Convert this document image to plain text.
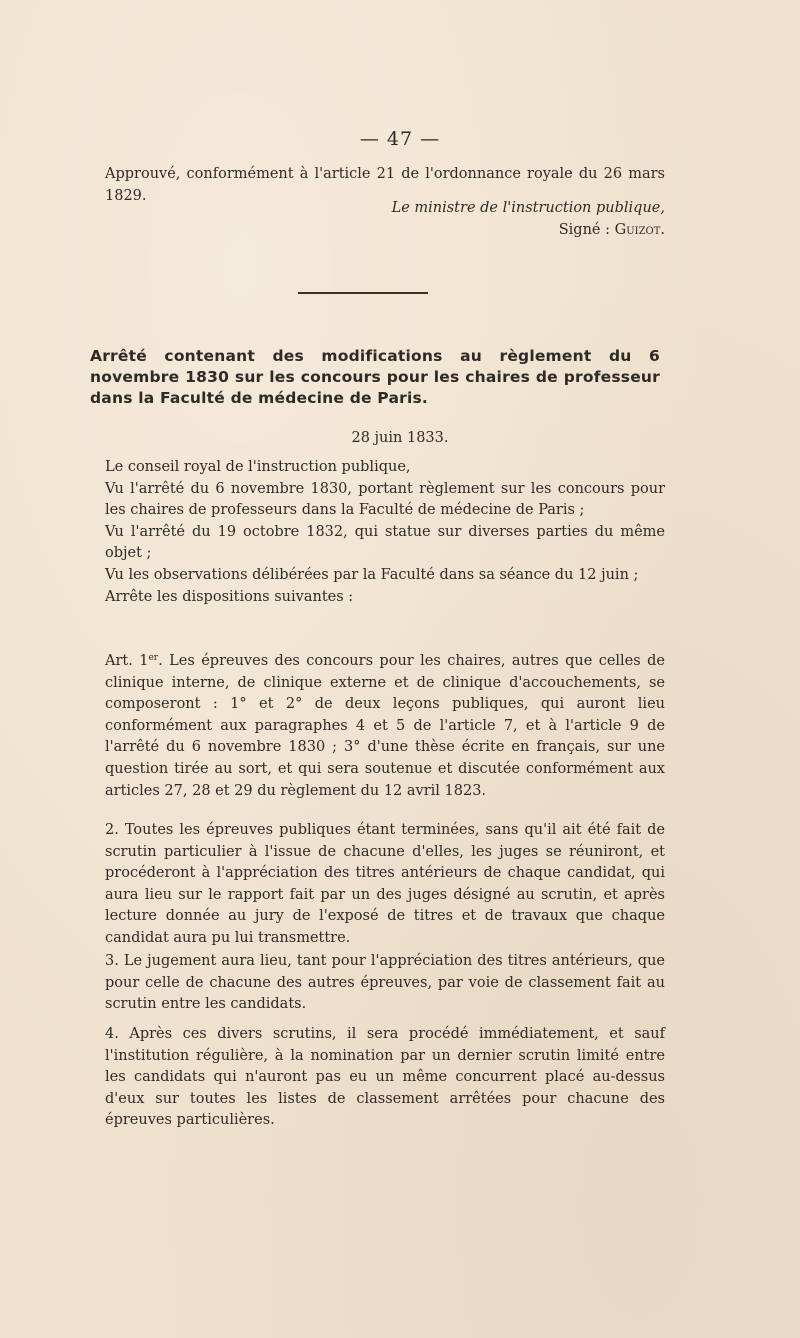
— 47 —

Approuvé, conformément à l'article 21 de l'ordonnance royale du 26 mars 1829.

Le ministre de l'instruction publique,
Signé : Guizot.
Arrêté contenant des modifications au règlement du 6 novembre 1830 sur les concours pour les chaires de professeur dans la Faculté de médecine de Paris.
28 juin 1833.

Le conseil royal de l'instruction publique,

Vu l'arrêté du 6 novembre 1830, portant règlement sur les concours pour les chaires de professeurs dans la Faculté de médecine de Paris ;

Vu l'arrêté du 19 octobre 1832, qui statue sur diverses parties du même objet ;

Vu les observations délibérées par la Faculté dans sa séance du 12 juin ;

Arrête les dispositions suivantes :

Art. 1er. Les épreuves des concours pour les chaires, autres que celles de clinique interne, de clinique externe et de clinique d'accouchements, se composeront : 1° et 2° de deux leçons publiques, qui auront lieu conformément aux paragraphes 4 et 5 de l'article 7, et à l'article 9 de l'arrêté du 6 novembre 1830 ; 3° d'une thèse écrite en français, sur une question tirée au sort, et qui sera soutenue et discutée conformément aux articles 27, 28 et 29 du règlement du 12 avril 1823.

2. Toutes les épreuves publiques étant terminées, sans qu'il ait été fait de scrutin particulier à l'issue de chacune d'elles, les juges se réuniront, et procéderont à l'appréciation des titres antérieurs de chaque candidat, qui aura lieu sur le rapport fait par un des juges désigné au scrutin, et après lecture donnée au jury de l'exposé de titres et de travaux que chaque candidat aura pu lui transmettre.

3. Le jugement aura lieu, tant pour l'appréciation des titres antérieurs, que pour celle de chacune des autres épreuves, par voie de classement fait au scrutin entre les candidats.

4. Après ces divers scrutins, il sera procédé immédiatement, et sauf l'institution régulière, à la nomination par un dernier scrutin limité entre les candidats qui n'auront pas eu un même concurrent placé au-dessus d'eux sur toutes les listes de classement arrêtées pour chacune des épreuves particulières.
